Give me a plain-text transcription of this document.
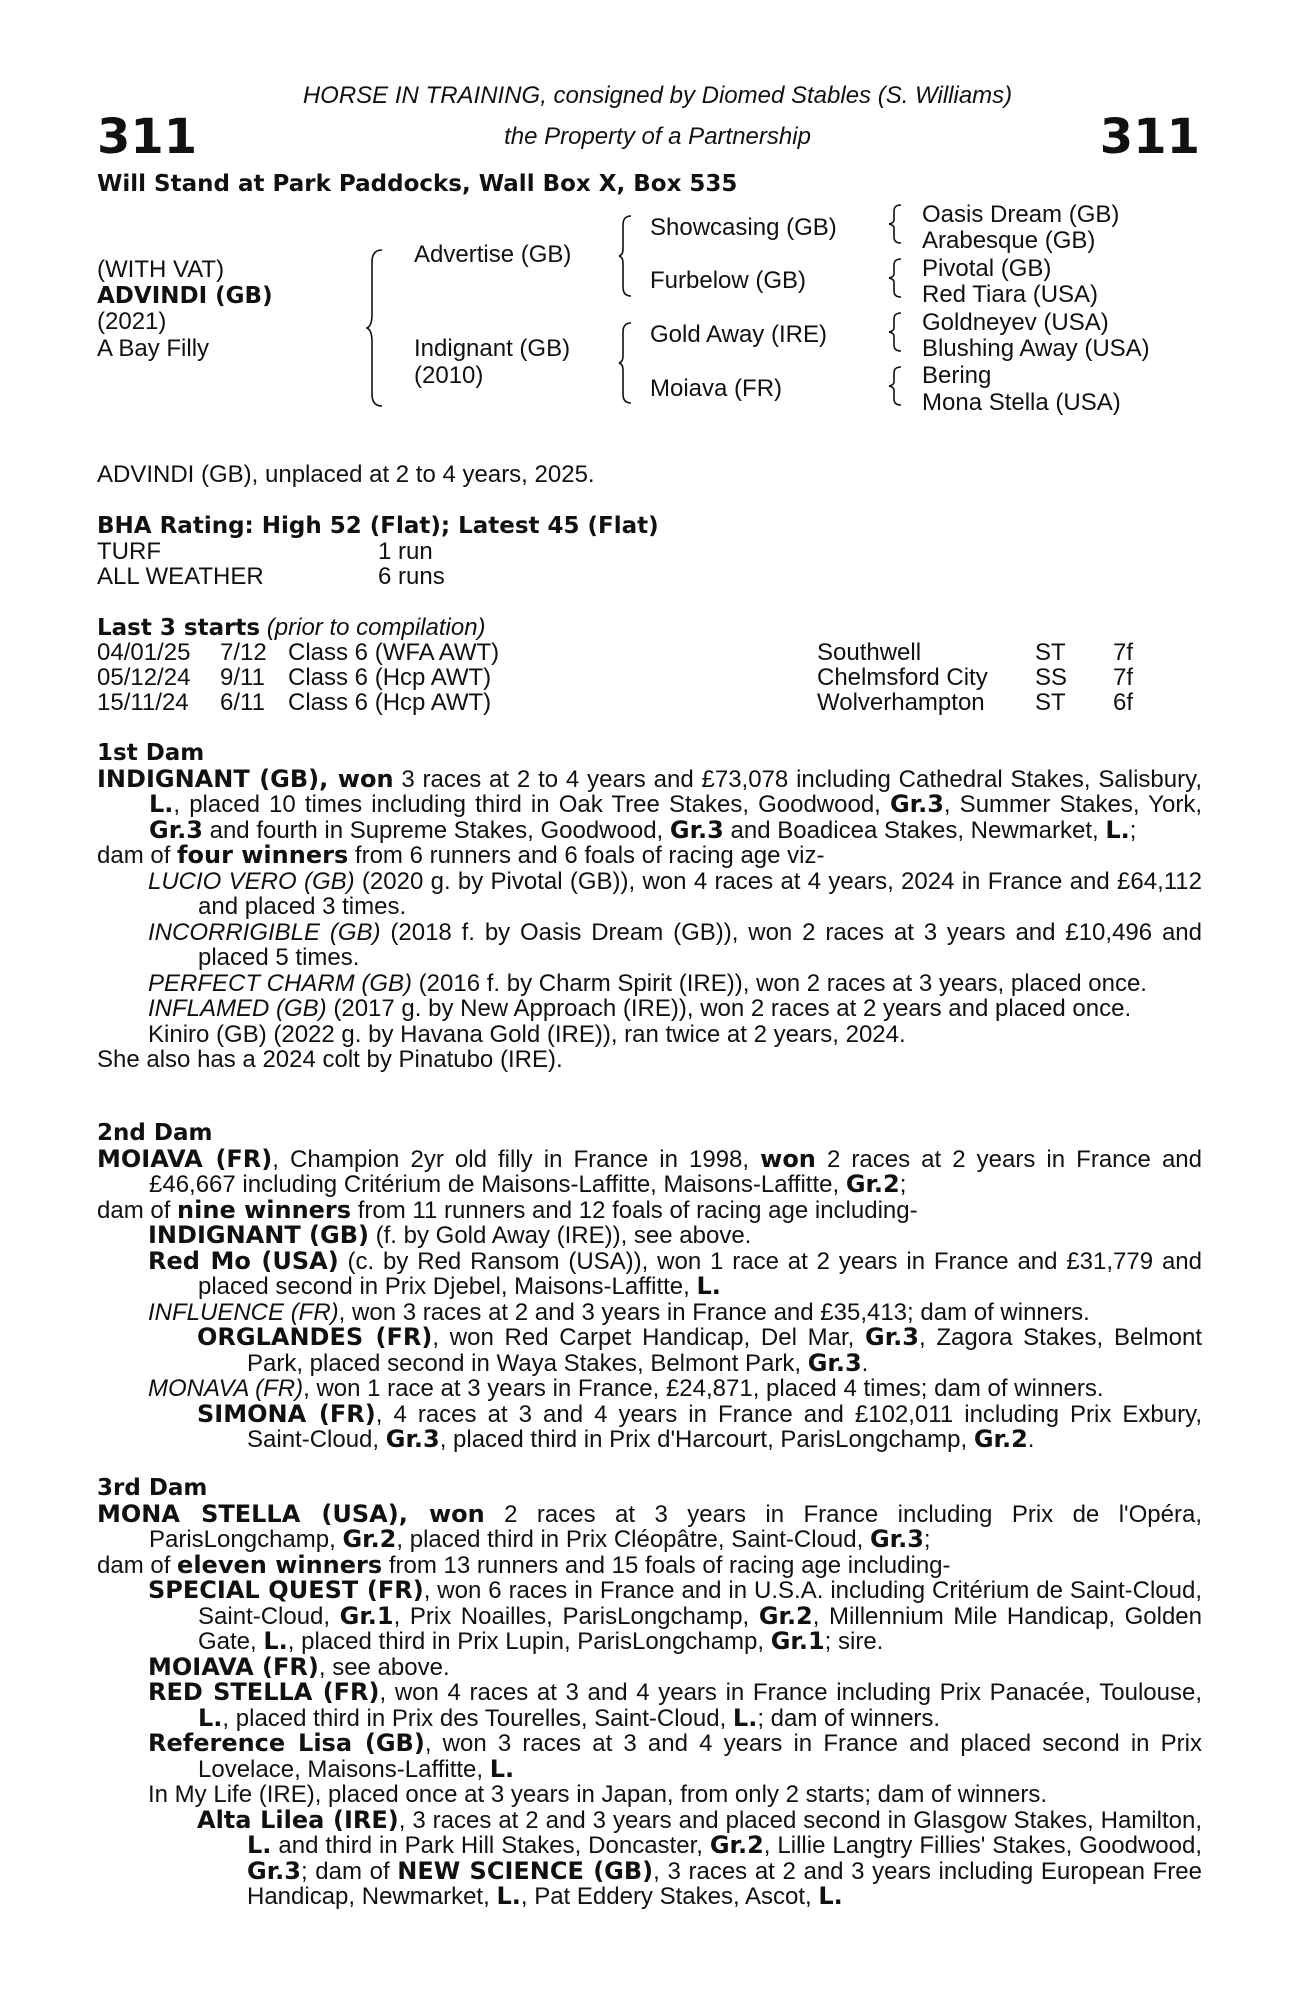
311	311
HORSE IN TRAINING, consigned by Diomed Stables (S. Williams)
the Property of a Partnership
Will Stand at Park Paddocks, Wall Box X, Box 535
(WITH VAT)
ADVINDI (GB)
(2021)
A Bay Filly
Advertise (GB)
Indignant (GB)
(2010)
Showcasing (GB)
Furbelow (GB)
Gold Away (IRE)
Moiava (FR)
Oasis Dream (GB)
Arabesque (GB)
Pivotal (GB)
Red Tiara (USA)
Goldneyev (USA)
Blushing Away (USA)
Bering
Mona Stella (USA)
ADVINDI (GB), unplaced at 2 to 4 years, 2025.
BHA Rating: High 52 (Flat); Latest 45 (Flat)
TURF	1 run
ALL WEATHER	6 runs
Last 3 starts (prior to compilation)
04/01/25 7/12 Class 6 (WFA AWT)	Southwell	ST 7f
05/12/24 9/11 Class 6 (Hcp AWT)	Chelmsford City SS 7f
15/11/24 6/11 Class 6 (Hcp AWT)	Wolverhampton ST 6f

1st Dam

INDIGNANT (GB), won 3 races at 2 to 4 years and £73,078 including Cathedral Stakes, Salisbury, L., placed 10 times including third in Oak Tree Stakes, Goodwood, Gr.3, Summer Stakes, York, Gr.3 and fourth in Supreme Stakes, Goodwood, Gr.3 and Boadicea Stakes, Newmarket, L.;

dam of four winners from 6 runners and 6 foals of racing age viz-

LUCIO VERO (GB) (2020 g. by Pivotal (GB)), won 4 races at 4 years, 2024 in France and £64,112 and placed 3 times.

INCORRIGIBLE (GB) (2018 f. by Oasis Dream (GB)), won 2 races at 3 years and £10,496 and placed 5 times.

PERFECT CHARM (GB) (2016 f. by Charm Spirit (IRE)), won 2 races at 3 years, placed once.

INFLAMED (GB) (2017 g. by New Approach (IRE)), won 2 races at 2 years and placed once.

Kiniro (GB) (2022 g. by Havana Gold (IRE)), ran twice at 2 years, 2024.

She also has a 2024 colt by Pinatubo (IRE).

2nd Dam

MOIAVA (FR), Champion 2yr old filly in France in 1998, won 2 races at 2 years in France and £46,667 including Critérium de Maisons-Laffitte, Maisons-Laffitte, Gr.2;

dam of nine winners from 11 runners and 12 foals of racing age including-

INDIGNANT (GB) (f. by Gold Away (IRE)), see above.

Red Mo (USA) (c. by Red Ransom (USA)), won 1 race at 2 years in France and £31,779 and placed second in Prix Djebel, Maisons-Laffitte, L.

INFLUENCE (FR), won 3 races at 2 and 3 years in France and £35,413; dam of winners.

ORGLANDES (FR), won Red Carpet Handicap, Del Mar, Gr.3, Zagora Stakes, Belmont Park, placed second in Waya Stakes, Belmont Park, Gr.3.

MONAVA (FR), won 1 race at 3 years in France, £24,871, placed 4 times; dam of winners.

SIMONA (FR), 4 races at 3 and 4 years in France and £102,011 including Prix Exbury, Saint-Cloud, Gr.3, placed third in Prix d'Harcourt, ParisLongchamp, Gr.2.

3rd Dam

MONA STELLA (USA), won 2 races at 3 years in France including Prix de l'Opéra, ParisLongchamp, Gr.2, placed third in Prix Cléopâtre, Saint-Cloud, Gr.3;

dam of eleven winners from 13 runners and 15 foals of racing age including-

SPECIAL QUEST (FR), won 6 races in France and in U.S.A. including Critérium de Saint-Cloud, Saint-Cloud, Gr.1, Prix Noailles, ParisLongchamp, Gr.2, Millennium Mile Handicap, Golden Gate, L., placed third in Prix Lupin, ParisLongchamp, Gr.1; sire.

MOIAVA (FR), see above.

RED STELLA (FR), won 4 races at 3 and 4 years in France including Prix Panacée, Toulouse, L., placed third in Prix des Tourelles, Saint-Cloud, L.; dam of winners.

Reference Lisa (GB), won 3 races at 3 and 4 years in France and placed second in Prix Lovelace, Maisons-Laffitte, L.

In My Life (IRE), placed once at 3 years in Japan, from only 2 starts; dam of winners.

Alta Lilea (IRE), 3 races at 2 and 3 years and placed second in Glasgow Stakes, Hamilton, L. and third in Park Hill Stakes, Doncaster, Gr.2, Lillie Langtry Fillies' Stakes, Goodwood, Gr.3; dam of NEW SCIENCE (GB), 3 races at 2 and 3 years including European Free Handicap, Newmarket, L., Pat Eddery Stakes, Ascot, L.
